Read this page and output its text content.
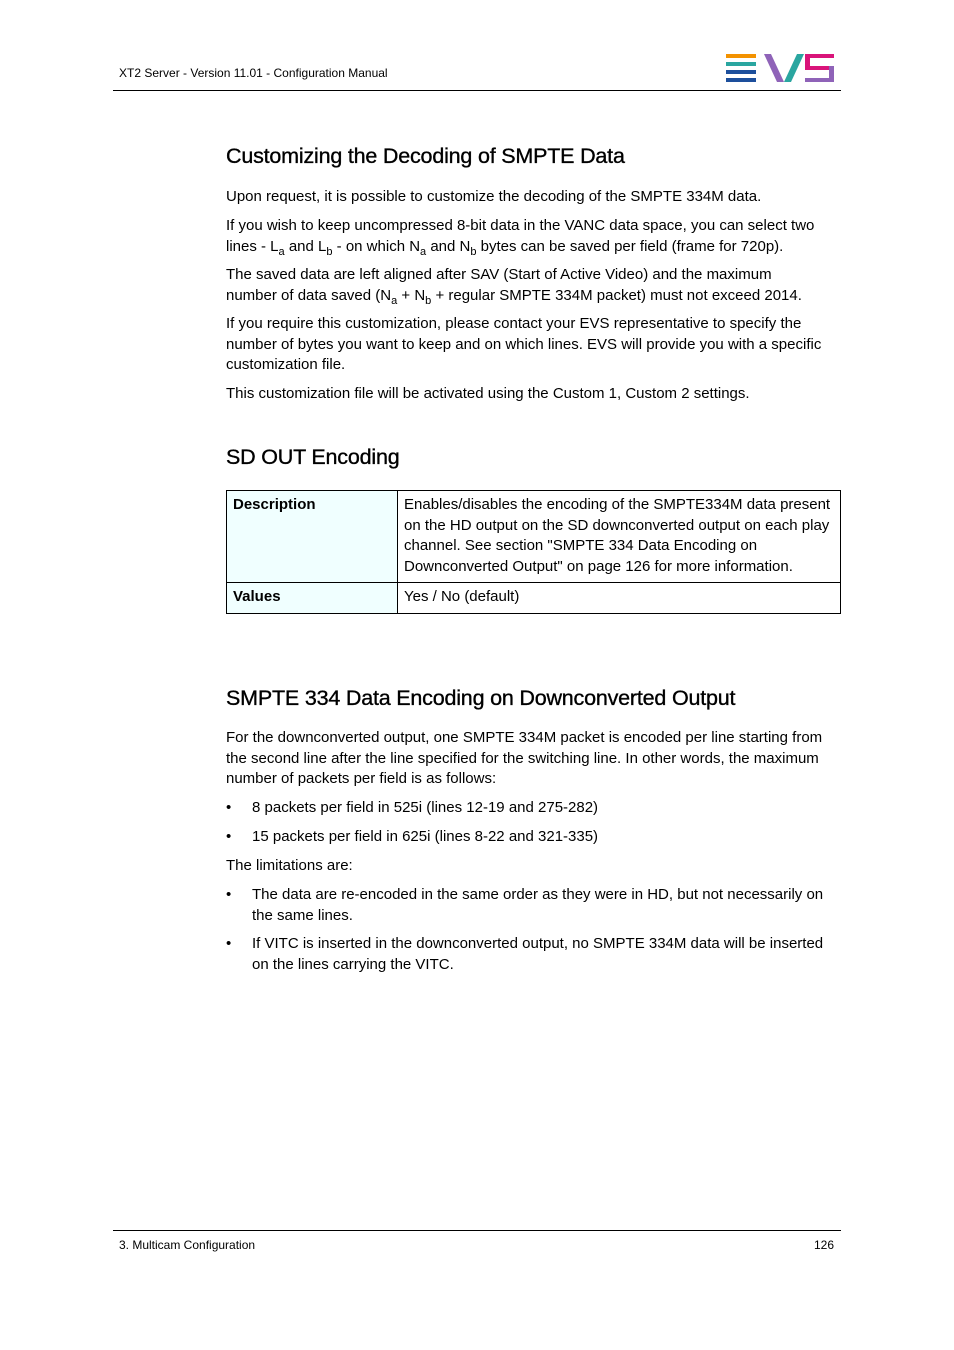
XT2 Server - Version 11.01 - Configuration Manual
Customizing the Decoding of SMPTE Data

Upon request, it is possible to customize the decoding of the SMPTE 334M data.

If you wish to keep uncompressed 8-bit data in the VANC data space, you can select two

lines - $L_a$ and $L_b$ - on which $N_a$ and $N_b$ bytes can be saved per field (frame for 720p).

The saved data are left aligned after SAV (Start of Active Video) and the maximum

number of data saved ($N_a + N_b$ + regular SMPTE 334M packet) must not exceed 2014.

If you require this customization, please contact your EVS representative to specify the number of bytes you want to keep and on which lines. EVS will provide you with a specific customization file.

This customization file will be activated using the Custom 1, Custom 2 settings.

SD OUT Encoding
Description	Enables/disables the encoding of the SMPTE334M data present on the HD output on the SD downconverted output on each play channel. See section "SMPTE 334 Data Encoding on Downconverted Output" on page 126 for more information.
Values	Yes / No (default)
SMPTE 334 Data Encoding on Downconverted Output

For the downconverted output, one SMPTE 334M packet is encoded per line starting from the second line after the line specified for the switching line. In other words, the maximum number of packets per field is as follows:

• 8 packets per field in 525i (lines 12-19 and 275-282)
• 15 packets per field in 625i (lines 8-22 and 321-335)

The limitations are:

• The data are re-encoded in the same order as they were in HD, but not necessarily on the same lines.
• If VITC is inserted in the downconverted output, no SMPTE 334M data will be inserted on the lines carrying the VITC.
3. Multicam Configuration	126
